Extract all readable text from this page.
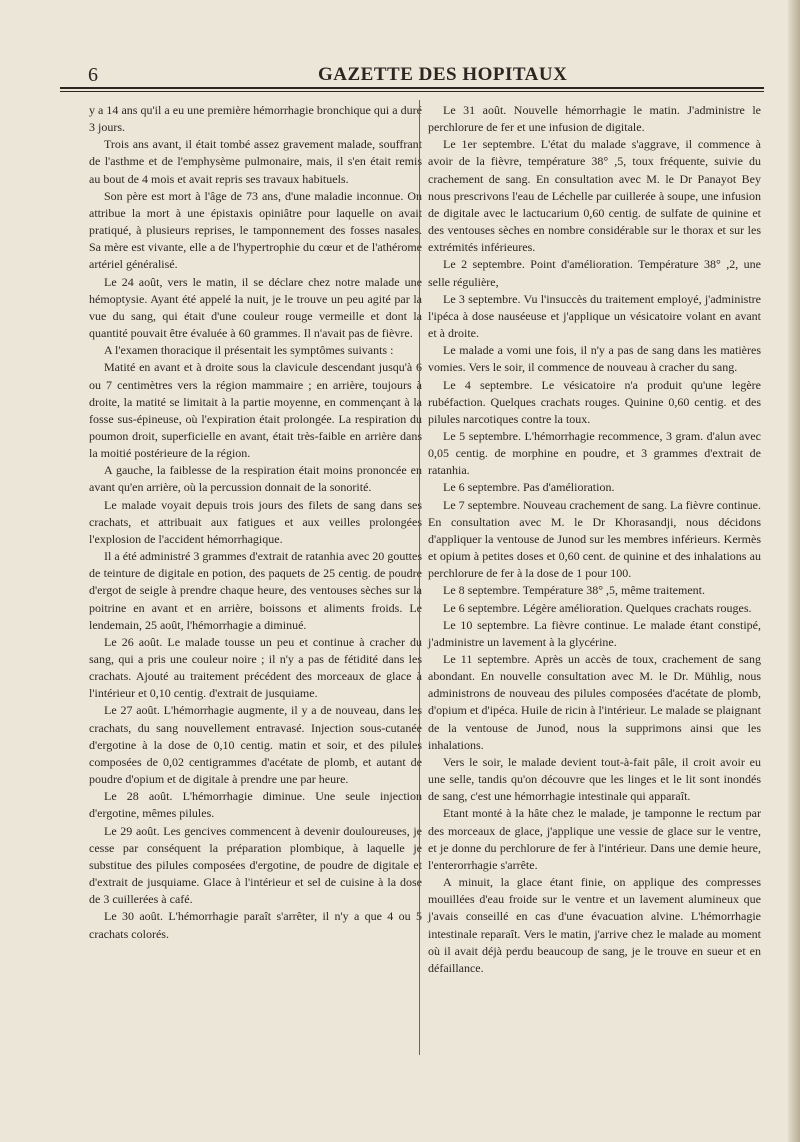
6	GAZETTE DES HOPITAUX

y a 14 ans qu'il a eu une première hémorrhagie bronchique qui a duré 3 jours.

Trois ans avant, il était tombé assez gravement malade, souffrant de l'asthme et de l'emphysème pulmonaire, mais, il s'en était remis au bout de 4 mois et avait repris ses travaux habituels.

Son père est mort à l'âge de 73 ans, d'une maladie inconnue. On attribue la mort à une épistaxis opiniâtre pour laquelle on avait pratiqué, à plusieurs reprises, le tamponnement des fosses nasales. Sa mère est vivante, elle a de l'hypertrophie du cœur et de l'athérome artériel généralisé.

Le 24 août, vers le matin, il se déclare chez notre malade une hémoptysie. Ayant été appelé la nuit, je le trouve un peu agité par la vue du sang, qui était d'une couleur rouge vermeille et dont la quantité pouvait être évaluée à 60 grammes. Il n'avait pas de fièvre.

A l'examen thoracique il présentait les symptômes suivants :

Matité en avant et à droite sous la clavicule descendant jusqu'à 6 ou 7 centimètres vers la région mammaire ; en arrière, toujours à droite, la matité se limitait à la partie moyenne, en commençant à la fosse sus-épineuse, où l'expiration était prolongée. La respiration du poumon droit, superficielle en avant, était très-faible en arrière dans la moitié postérieure de la région.

A gauche, la faiblesse de la respiration était moins prononcée en avant qu'en arrière, où la percussion donnait de la sonorité.

Le malade voyait depuis trois jours des filets de sang dans ses crachats, et attribuait aux fatigues et aux veilles prolongées l'explosion de l'accident hémorrhagique.

Il a été administré 3 grammes d'extrait de ratanhia avec 20 gouttes de teinture de digitale en potion, des paquets de 25 centig. de poudre d'ergot de seigle à prendre chaque heure, des ventouses sèches sur la poitrine en avant et en arrière, boissons et aliments froids. Le lendemain, 25 août, l'hémorrhagie a diminué.

Le 26 août. Le malade tousse un peu et continue à cracher du sang, qui a pris une couleur noire ; il n'y a pas de fétidité dans les crachats. Ajouté au traitement précédent des morceaux de glace à l'intérieur et 0,10 centig. d'extrait de jusquiame.

Le 27 août. L'hémorrhagie augmente, il y a de nouveau, dans les crachats, du sang nouvellement entravasé. Injection sous-cutanée d'ergotine à la dose de 0,10 centig. matin et soir, et des pilules composées de 0,02 centigrammes d'acétate de plomb, et autant de poudre d'opium et de digitale à prendre une par heure.

Le 28 août. L'hémorrhagie diminue. Une seule injection d'ergotine, mêmes pilules.

Le 29 août. Les gencives commencent à devenir douloureuses, je cesse par conséquent la préparation plombique, à laquelle je substitue des pilules composées d'ergotine, de poudre de digitale et d'extrait de jusquiame. Glace à l'intérieur et sel de cuisine à la dose de 3 cuillerées à café.

Le 30 août. L'hémorrhagie paraît s'arrêter, il n'y a que 4 ou 5 crachats colorés.

Le 31 août. Nouvelle hémorrhagie le matin. J'administre le perchlorure de fer et une infusion de digitale.

Le 1er septembre. L'état du malade s'aggrave, il commence à avoir de la fièvre, température 38° ,5, toux fréquente, suivie du crachement de sang. En consultation avec M. le Dr Panayot Bey nous prescrivons l'eau de Léchelle par cuillerée à soupe, une infusion de digitale avec le lactucarium 0,60 centig. de sulfate de quinine et des ventouses sèches en nombre considérable sur le thorax et sur les extrémités inférieures.

Le 2 septembre. Point d'amélioration. Température 38° ,2, une selle régulière,

Le 3 septembre. Vu l'insuccès du traitement employé, j'administre l'ipéca à dose nauséeuse et j'applique un vésicatoire volant en avant et à droite.

Le malade a vomi une fois, il n'y a pas de sang dans les matières vomies. Vers le soir, il commence de nouveau à cracher du sang.

Le 4 septembre. Le vésicatoire n'a produit qu'une legère rubéfaction. Quelques crachats rouges. Quinine 0,60 centig. et des pilules narcotiques contre la toux.

Le 5 septembre. L'hémorrhagie recommence, 3 gram. d'alun avec 0,05 centig. de morphine en poudre, et 3 grammes d'extrait de ratanhia.

Le 6 septembre. Pas d'amélioration.

Le 7 septembre. Nouveau crachement de sang. La fièvre continue. En consultation avec M. le Dr Khorasandji, nous décidons d'appliquer la ventouse de Junod sur les membres inférieurs. Kermès et opium à petites doses et 0,60 cent. de quinine et des inhalations au perchlorure de fer à la dose de 1 pour 100.

Le 8 septembre. Température 38° ,5, même traitement.

Le 6 septembre. Légère amélioration. Quelques crachats rouges.

Le 10 septembre. La fièvre continue. Le malade étant constipé, j'administre un lavement à la glycérine.

Le 11 septembre. Après un accès de toux, crachement de sang abondant. En nouvelle consultation avec M. le Dr. Mühlig, nous administrons de nouveau des pilules composées d'acétate de plomb, d'opium et d'ipéca. Huile de ricin à l'intérieur. Le malade se plaignant de la ventouse de Junod, nous la supprimons ainsi que les inhalations.

Vers le soir, le malade devient tout-à-fait pâle, il croit avoir eu une selle, tandis qu'on découvre que les linges et le lit sont inondés de sang, c'est une hémorrhagie intestinale qui apparaît.

Etant monté à la hâte chez le malade, je tamponne le rectum par des morceaux de glace, j'applique une vessie de glace sur le ventre, et je donne du perchlorure de fer à l'intérieur. Dans une demie heure, l'enterorrhagie s'arrête.

A minuit, la glace étant finie, on applique des compresses mouillées d'eau froide sur le ventre et un lavement alumineux que j'avais conseillé en cas d'une évacuation alvine. L'hémorrhagie intestinale reparaît. Vers le matin, j'arrive chez le malade au moment où il avait déjà perdu beaucoup de sang, je le trouve en sueur et en défaillance.
